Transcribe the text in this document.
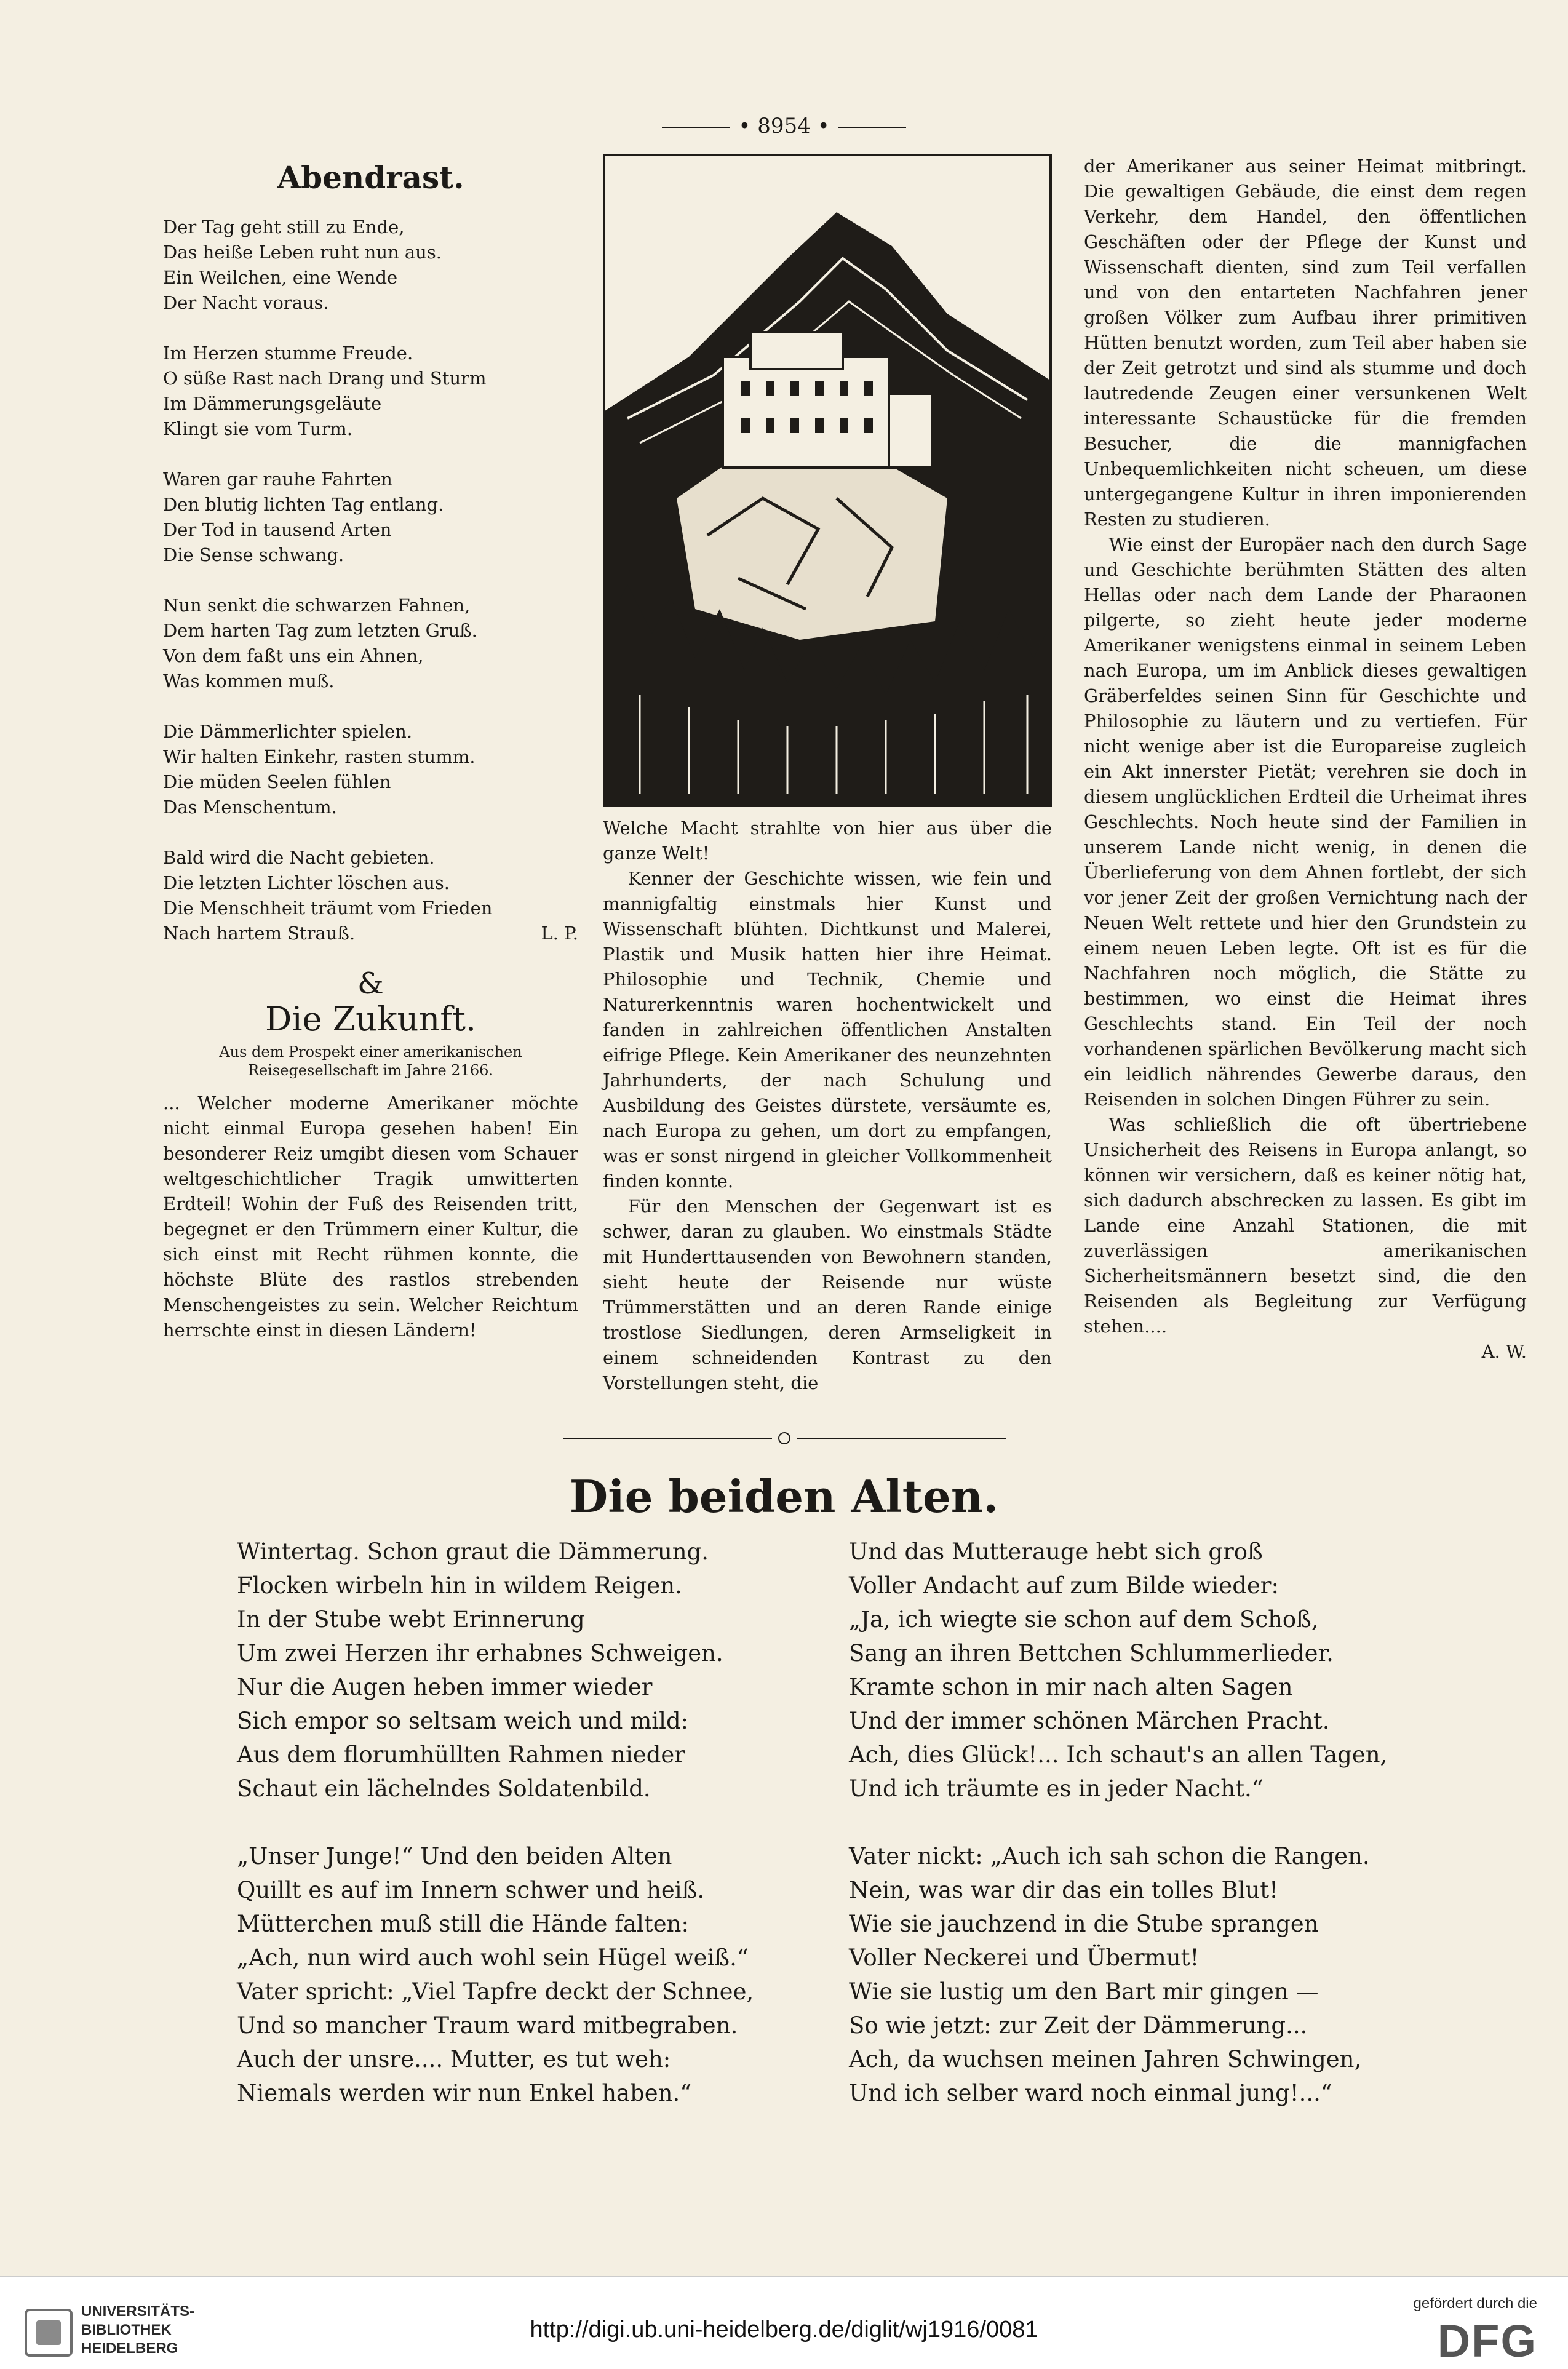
• 8954 •
Abendrast.
Der Tag geht still zu Ende,
Das heiße Leben ruht nun aus.
Ein Weilchen, eine Wende
Der Nacht voraus.
Im Herzen stumme Freude.
O süße Rast nach Drang und Sturm
Im Dämmerungsgeläute
Klingt sie vom Turm.
Waren gar rauhe Fahrten
Den blutig lichten Tag entlang.
Der Tod in tausend Arten
Die Sense schwang.
Nun senkt die schwarzen Fahnen,
Dem harten Tag zum letzten Gruß.
Von dem faßt uns ein Ahnen,
Was kommen muß.
Die Dämmerlichter spielen.
Wir halten Einkehr, rasten stumm.
Die müden Seelen fühlen
Das Menschentum.
Bald wird die Nacht gebieten.
Die letzten Lichter löschen aus.
Die Menschheit träumt vom Frieden
Nach hartem Strauß.	L. P.
&
Die Zukunft.
Aus dem Prospekt einer amerikanischen Reisegesellschaft im Jahre 2166.

... Welcher moderne Amerikaner möchte nicht einmal Europa gesehen haben! Ein besonderer Reiz umgibt diesen vom Schauer weltgeschichtlicher Tragik umwitterten Erdteil! Wohin der Fuß des Reisenden tritt, begegnet er den Trümmern einer Kultur, die sich einst mit Recht rühmen konnte, die höchste Blüte des rastlos strebenden Menschengeistes zu sein. Welcher Reichtum herrschte einst in diesen Ländern!

Welche Macht strahlte von hier aus über die ganze Welt!

Kenner der Geschichte wissen, wie fein und mannigfaltig einstmals hier Kunst und Wissenschaft blühten. Dichtkunst und Malerei, Plastik und Musik hatten hier ihre Heimat. Philosophie und Technik, Chemie und Naturerkenntnis waren hochentwickelt und fanden in zahlreichen öffentlichen Anstalten eifrige Pflege. Kein Amerikaner des neunzehnten Jahrhunderts, der nach Schulung und Ausbildung des Geistes dürstete, versäumte es, nach Europa zu gehen, um dort zu empfangen, was er sonst nirgend in gleicher Vollkommenheit finden konnte.

Für den Menschen der Gegenwart ist es schwer, daran zu glauben. Wo einstmals Städte mit Hunderttausenden von Bewohnern standen, sieht heute der Reisende nur wüste Trümmerstätten und an deren Rande einige trostlose Siedlungen, deren Armseligkeit in einem schneidenden Kontrast zu den Vorstellungen steht, die

der Amerikaner aus seiner Heimat mitbringt. Die gewaltigen Gebäude, die einst dem regen Verkehr, dem Handel, den öffentlichen Geschäften oder der Pflege der Kunst und Wissenschaft dienten, sind zum Teil verfallen und von den entarteten Nachfahren jener großen Völker zum Aufbau ihrer primitiven Hütten benutzt worden, zum Teil aber haben sie der Zeit getrotzt und sind als stumme und doch lautredende Zeugen einer versunkenen Welt interessante Schaustücke für die fremden Besucher, die die mannigfachen Unbequemlichkeiten nicht scheuen, um diese untergegangene Kultur in ihren imponierenden Resten zu studieren.

Wie einst der Europäer nach den durch Sage und Geschichte berühmten Stätten des alten Hellas oder nach dem Lande der Pharaonen pilgerte, so zieht heute jeder moderne Amerikaner wenigstens einmal in seinem Leben nach Europa, um im Anblick dieses gewaltigen Gräberfeldes seinen Sinn für Geschichte und Philosophie zu läutern und zu vertiefen. Für nicht wenige aber ist die Europareise zugleich ein Akt innerster Pietät; verehren sie doch in diesem unglücklichen Erdteil die Urheimat ihres Geschlechts. Noch heute sind der Familien in unserem Lande nicht wenig, in denen die Überlieferung von dem Ahnen fortlebt, der sich vor jener Zeit der großen Vernichtung nach der Neuen Welt rettete und hier den Grundstein zu einem neuen Leben legte. Oft ist es für die Nachfahren noch möglich, die Stätte zu bestimmen, wo einst die Heimat ihres Geschlechts stand. Ein Teil der noch vorhandenen spärlichen Bevölkerung macht sich ein leidlich nährendes Gewerbe daraus, den Reisenden in solchen Dingen Führer zu sein.

Was schließlich die oft übertriebene Unsicherheit des Reisens in Europa anlangt, so können wir versichern, daß es keiner nötig hat, sich dadurch abschrecken zu lassen. Es gibt im Lande eine Anzahl Stationen, die mit zuverlässigen amerikanischen Sicherheitsmännern besetzt sind, die den Reisenden als Begleitung zur Verfügung stehen....

A. W.
Die beiden Alten.
Wintertag. Schon graut die Dämmerung.
Flocken wirbeln hin in wildem Reigen.
In der Stube webt Erinnerung
Um zwei Herzen ihr erhabnes Schweigen.
Nur die Augen heben immer wieder
Sich empor so seltsam weich und mild:
Aus dem florumhüllten Rahmen nieder
Schaut ein lächelndes Soldatenbild.
„Unser Junge!“ Und den beiden Alten
Quillt es auf im Innern schwer und heiß.
Mütterchen muß still die Hände falten:
„Ach, nun wird auch wohl sein Hügel weiß.“
Vater spricht: „Viel Tapfre deckt der Schnee,
Und so mancher Traum ward mitbegraben.
Auch der unsre.... Mutter, es tut weh:
Niemals werden wir nun Enkel haben.“
Und das Mutterauge hebt sich groß
Voller Andacht auf zum Bilde wieder:
„Ja, ich wiegte sie schon auf dem Schoß,
Sang an ihren Bettchen Schlummerlieder.
Kramte schon in mir nach alten Sagen
Und der immer schönen Märchen Pracht.
Ach, dies Glück!... Ich schaut's an allen Tagen,
Und ich träumte es in jeder Nacht.“
Vater nickt: „Auch ich sah schon die Rangen.
Nein, was war dir das ein tolles Blut!
Wie sie jauchzend in die Stube sprangen
Voller Neckerei und Übermut!
Wie sie lustig um den Bart mir gingen —
So wie jetzt: zur Zeit der Dämmerung...
Ach, da wuchsen meinen Jahren Schwingen,
Und ich selber ward noch einmal jung!...“
UNIVERSITÄTS-
BIBLIOTHEK
HEIDELBERG
http://digi.ub.uni-heidelberg.de/diglit/wj1916/0081
gefördert durch die
DFG
